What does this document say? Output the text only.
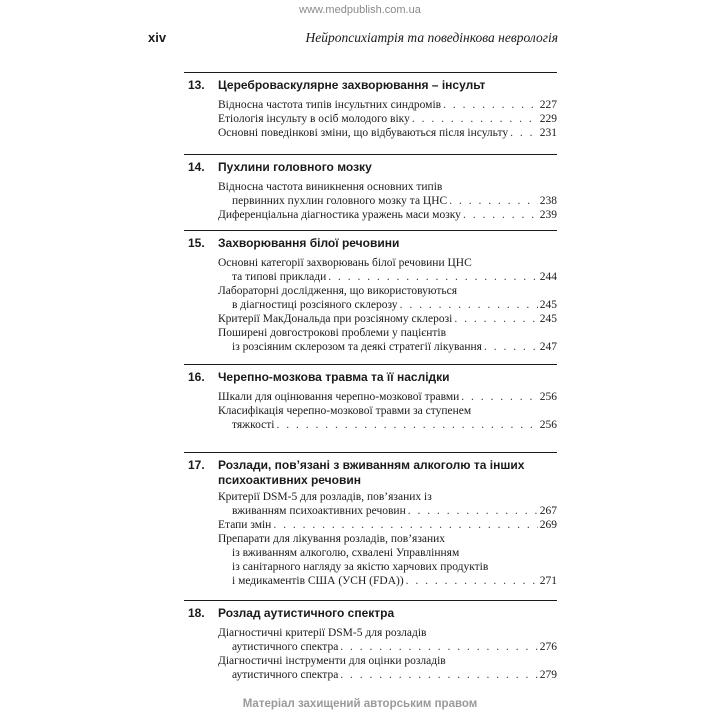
www.medpublish.com.ua
xiv	Нейропсихіатрія та поведінкова неврологія
13. Цереброваскулярне захворювання – інсульт
Відносна частота типів інсультних синдромів . . .	227
Етіологія інсульту в осіб молодого віку . . .	229
Основні поведінкові зміни, що відбуваються після інсульту . . .	231
14. Пухлини головного мозку
Відносна частота виникнення основних типів
первинних пухлин головного мозку та ЦНС . . .	238
Диференціальна діагностика уражень маси мозку . . .	239
15. Захворювання білої речовини
Основні категорії захворювань білої речовини ЦНС
та типові приклади . . .	244
Лабораторні дослідження, що використовуються
в діагностиці розсіяного склерозу . . .	245
Критерії МакДональда при розсіяному склерозі . . .	245
Поширені довгострокові проблеми у пацієнтів
із розсіяним склерозом та деякі стратегії лікування . . .	247
16. Черепно-мозкова травма та її наслідки
Шкали для оцінювання черепно-мозкової травми . . .	256
Класифікація черепно-мозкової травми за ступенем
тяжкості . . .	256
17. Розлади, пов’язані з вживанням алкоголю та інших
психоактивних речовин
Критерії DSM-5 для розладів, пов’язаних із
вживанням психоактивних речовин . . .	267
Етапи змін . . .	269
Препарати для лікування розладів, пов’язаних
із вживанням алкоголю, схвалені Управлінням
із санітарного нагляду за якістю харчових продуктів
і медикаментів США (УСН (FDA)) . . .	271
18. Розлад аутистичного спектра
Діагностичні критерії DSM-5 для розладів
аутистичного спектра . . .	276
Діагностичні інструменти для оцінки розладів
аутистичного спектра . . .	279
Матеріал захищений авторським правом
